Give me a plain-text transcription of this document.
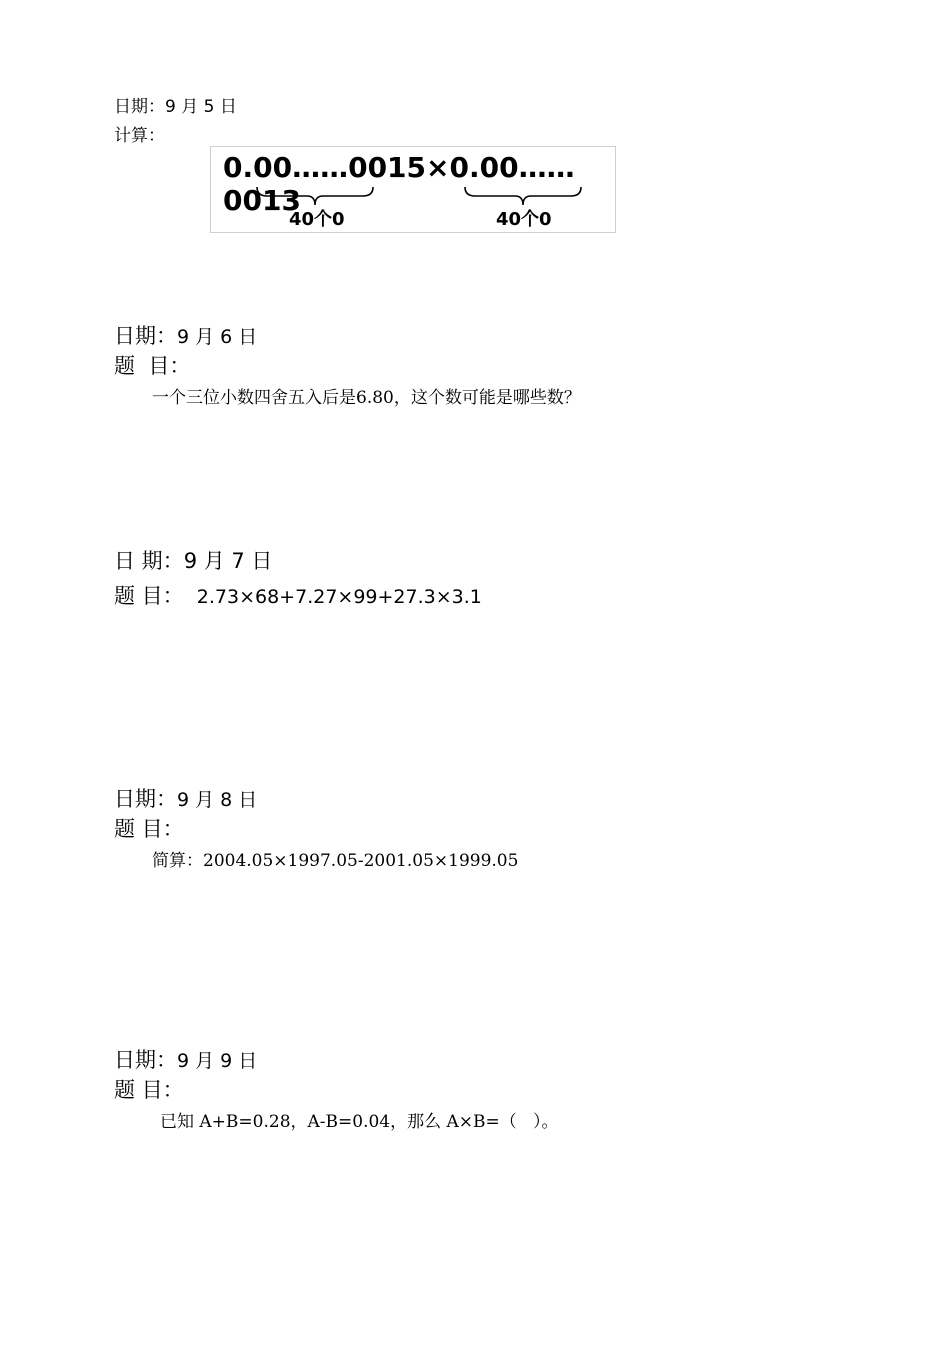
日期：9 月 5 日
计算：
0.00……0015×0.00……0013
40个0	40个0
日期：9 月 6 日
题  目：
一个三位小数四舍五入后是6.80，这个数可能是哪些数？
日 期：9 月 7 日
题 目： 2.73×68+7.27×99+27.3×3.1
日期：9 月 8 日
题 目：
简算：2004.05×1997.05-2001.05×1999.05
日期：9 月 9 日
题 目：
已知 A+B=0.28，A-B=0.04，那么 A×B=（   ）。
